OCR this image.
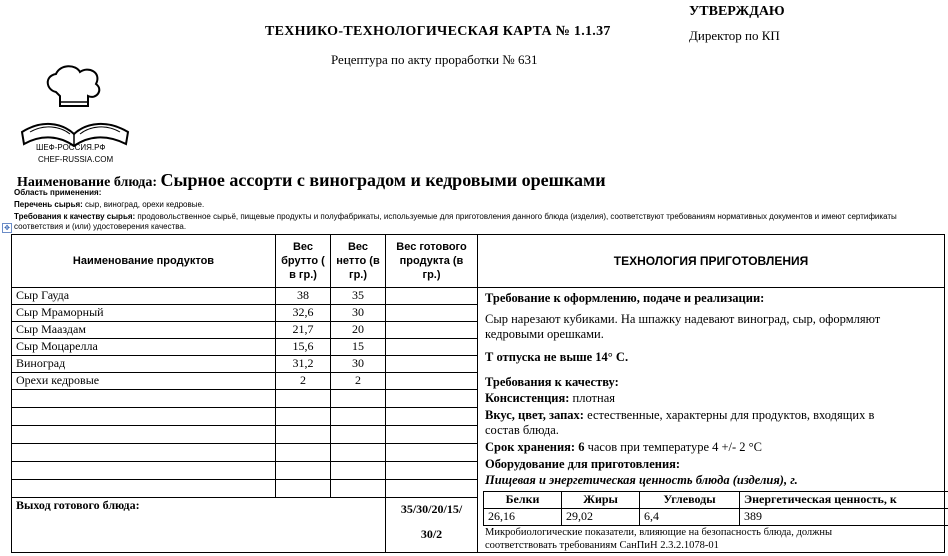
ТЕХНИКО-ТЕХНОЛОГИЧЕСКАЯ КАРТА № 1.1.37
УТВЕРЖДАЮ
Директор по КП
Рецептура по акту проработки № 631
ШЕФ-РОССИЯ.РФ
CHEF-RUSSIA.COM
Наименование блюда: Сырное ассорти с виноградом и кедровыми орешками
Область применения:
Перечень сырья: сыр, виноград, орехи кедровые.
Требования к качеству сырья: продовольственное сырьё, пищевые продукты и полуфабрикаты, используемые для приготовления данного блюда (изделия), соответствуют требованиям нормативных документов и имеют сертификаты соответствия и (или) удостоверения качества.
✥
Наименование продуктов	Вес брутто ( в гр.)	Вес нетто (в гр.)	Вес готового продукта (в гр.)	ТЕХНОЛОГИЯ ПРИГОТОВЛЕНИЯ
Сыр Гауда	38	35		Требование к оформлению, подаче и реализации:
Сыр нарезают кубиками. На шпажку надевают виноград, сыр, оформляют
кедровыми орешками.
Т отпуска не выше 14° С.
Требования к качеству:
Консистенция: плотная
Вкус, цвет, запах: естественные, характерны для продуктов, входящих в
состав блюда.
Срок хранения: 6 часов при температуре 4 +/- 2 °С
Оборудование для приготовления:
Пищевая и энергетическая ценность блюда (изделия), г.
Белки	Жиры	Углеводы	Энергетическая ценность, к
26,16	29,02	6,4	389
Микробиологические показатели, влияющие на безопасность блюда, должны
соответствовать требованиям СанПиН 2.3.2.1078-01

Сыр Мраморный	32,6	30	
Сыр Мааздам	21,7	20	
Сыр Моцарелла	15,6	15	
Виноград	31,2	30	
Орехи кедровые	2	2	

Выход готового блюда:	35/30/20/15/
30/2
